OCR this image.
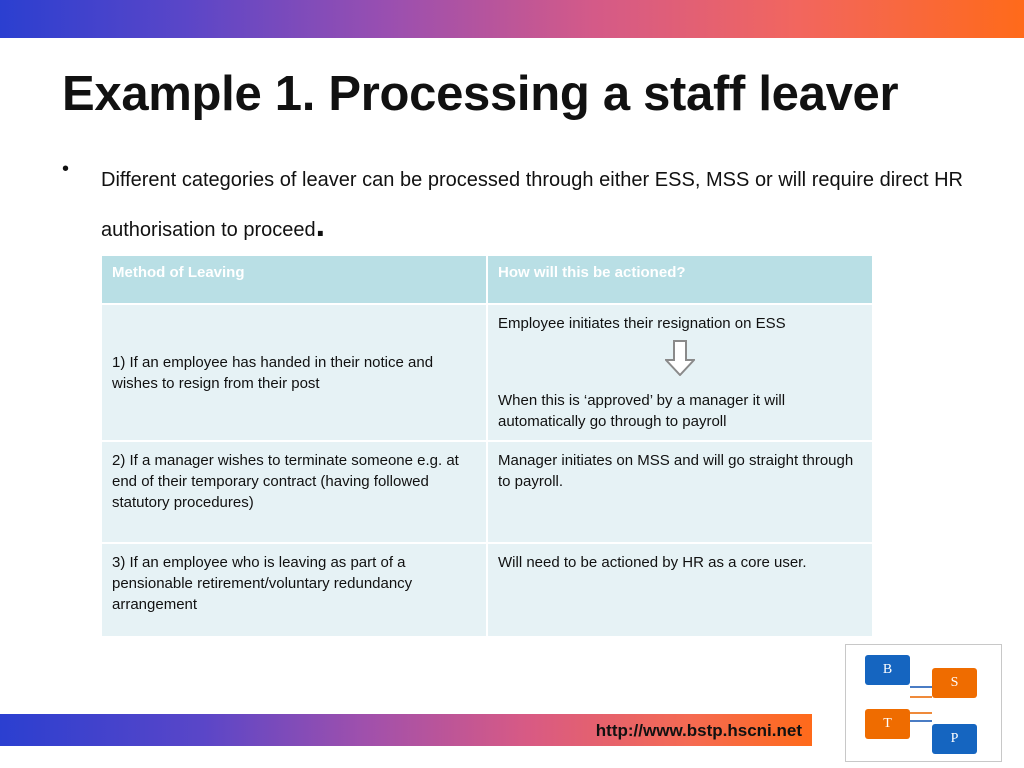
Example 1. Processing a staff leaver
• Different categories of leaver can be processed through either ESS, MSS or will require direct HR authorisation to proceed.

Method of Leaving	How will this be actioned?
1) If an employee has handed in their notice and wishes to resign from their post	Employee initiates their resignation on ESS
When this is ‘approved’ by a manager it will automatically go through to payroll

2) If a manager wishes to terminate someone e.g. at end of their temporary contract (having followed statutory procedures)	Manager initiates on MSS and will go straight through to payroll.
3) If an employee who is leaving as part of a pensionable retirement/voluntary redundancy arrangement	Will need to be actioned by HR as a core user.
http://www.bstp.hscni.net
B
S
T
P
